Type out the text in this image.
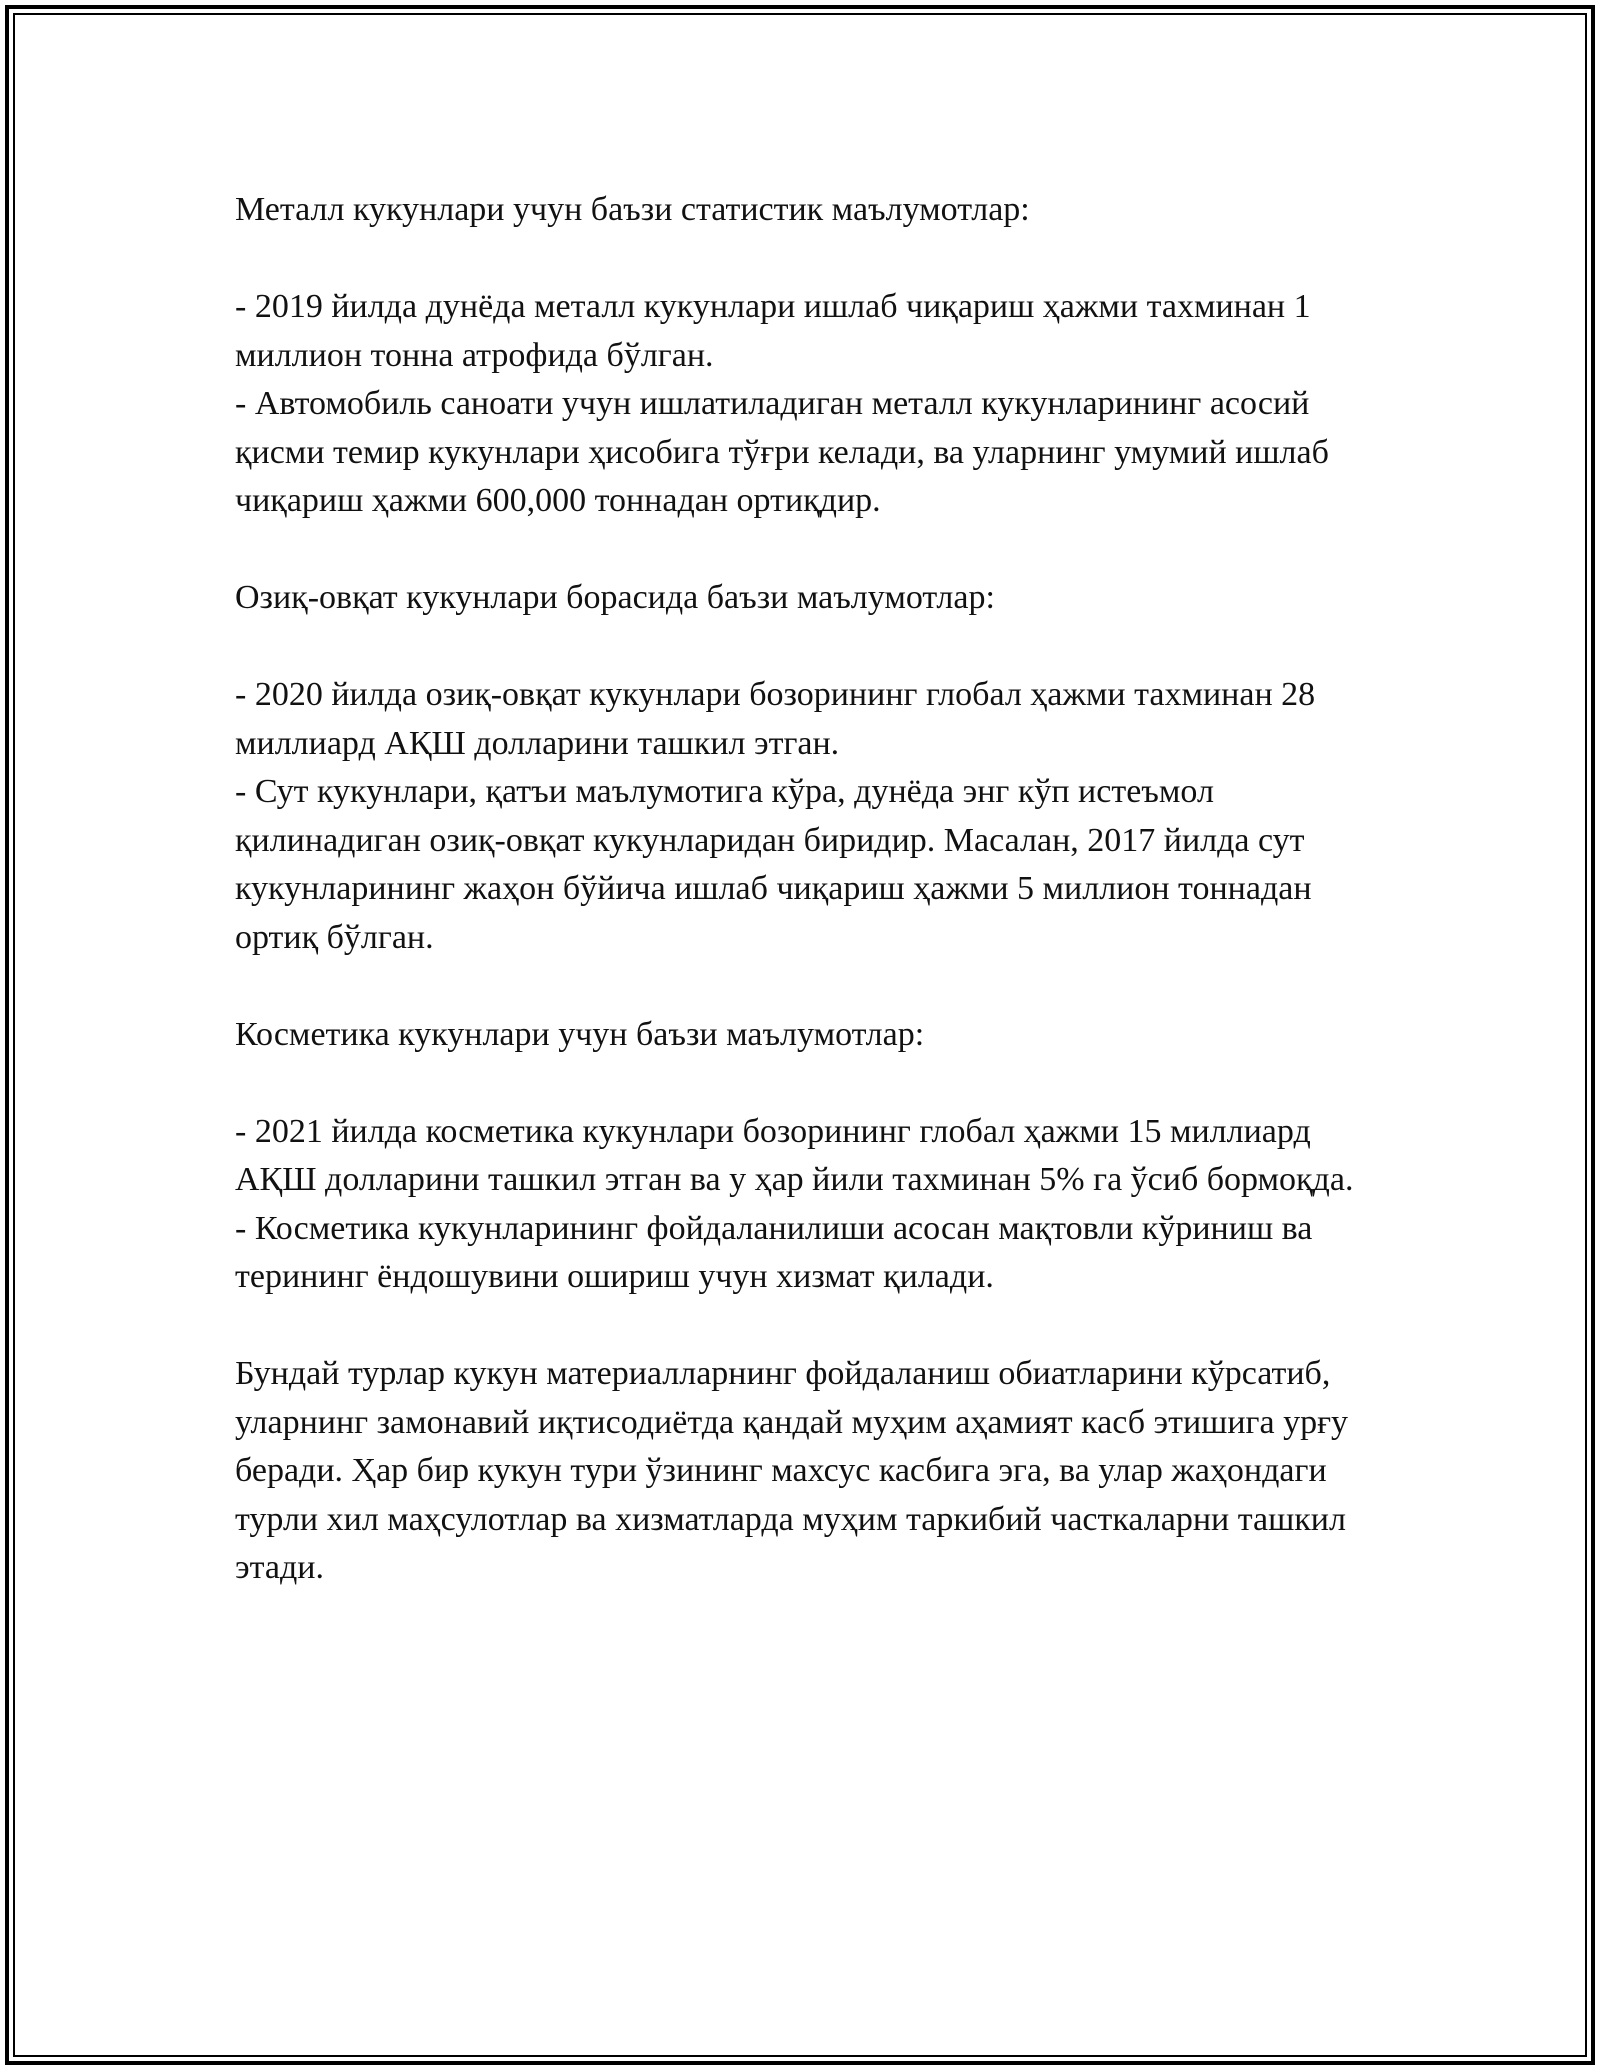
Металл кукунлари учун баъзи статистик маълумотлар:

- 2019 йилда дунёда металл кукунлари ишлаб чиқариш ҳажми тахминан 1 миллион тонна атрофида бўлган.

- Автомобиль саноати учун ишлатиладиган металл кукунларининг асосий қисми темир кукунлари ҳисобига тўғри келади, ва уларнинг умумий ишлаб чиқариш ҳажми 600,000 тоннадан ортиқдир.

Озиқ-овқат кукунлари борасида баъзи маълумотлар:

- 2020 йилда озиқ-овқат кукунлари бозорининг глобал ҳажми тахминан 28 миллиард АҚШ долларини ташкил этган.

- Сут кукунлари, қатъи маълумотига кўра, дунёда энг кўп истеъмол қилинадиган озиқ-овқат кукунларидан биридир. Масалан, 2017 йилда сут кукунларининг жаҳон бўйича ишлаб чиқариш ҳажми 5 миллион тоннадан ортиқ бўлган.

Косметика кукунлари учун баъзи маълумотлар:

- 2021 йилда косметика кукунлари бозорининг глобал ҳажми 15 миллиард АҚШ долларини ташкил этган ва у ҳар йили тахминан 5% га ўсиб бормоқда.

- Косметика кукунларининг фойдаланилиши асосан мақтовли кўриниш ва терининг ёндошувини ошириш учун хизмат қилади.

Бундай турлар кукун материалларнинг фойдаланиш обиатларини кўрсатиб, уларнинг замонавий иқтисодиётда қандай муҳим аҳамият касб этишига урғу беради. Ҳар бир кукун тури ўзининг махсус касбига эга, ва улар жаҳондаги турли хил маҳсулотлар ва хизматларда муҳим таркибий часткаларни ташкил этади.
